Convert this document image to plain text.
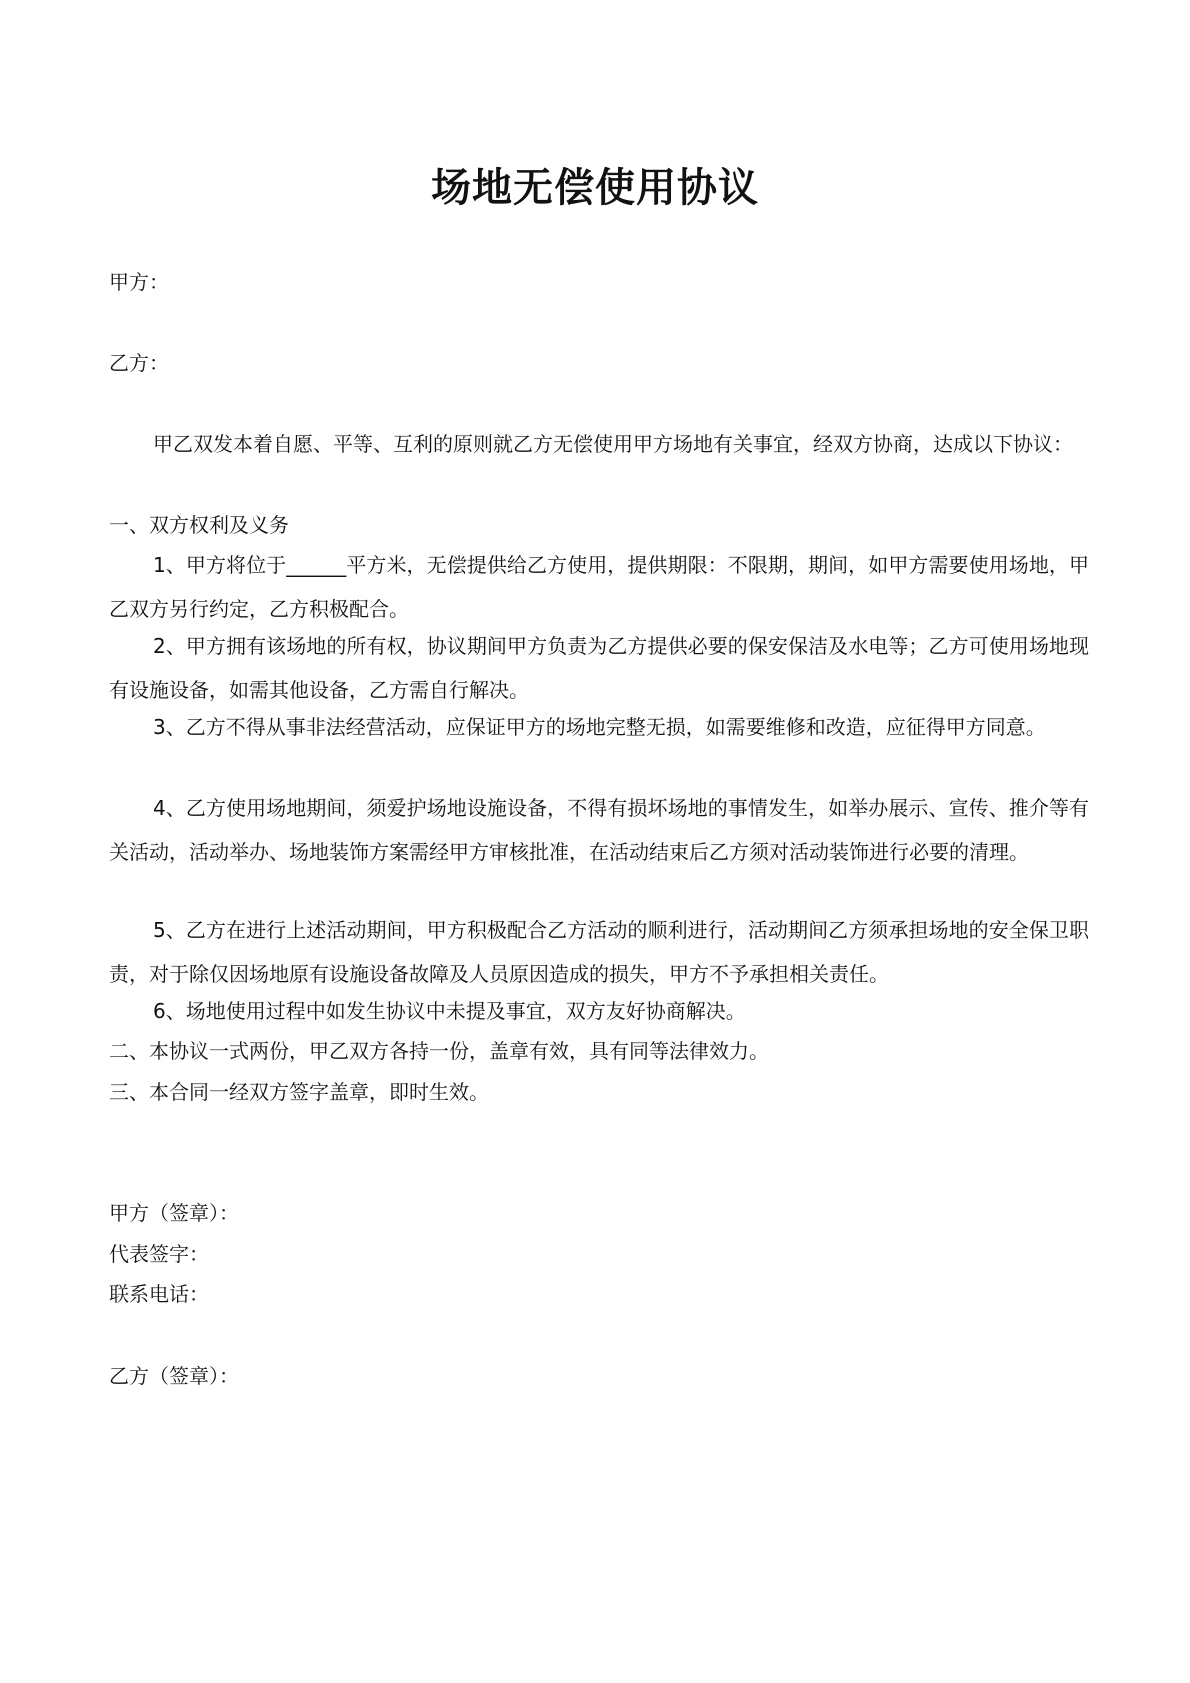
场地无偿使用协议
甲方：
乙方：
甲乙双发本着自愿、平等、互利的原则就乙方无偿使用甲方场地有关事宜，经双方协商，达成以下协议：
一、双方权利及义务
1、甲方将位于______平方米，无偿提供给乙方使用，提供期限：不限期，期间，如甲方需要使用场地，甲乙双方另行约定，乙方积极配合。
2、甲方拥有该场地的所有权，协议期间甲方负责为乙方提供必要的保安保洁及水电等；乙方可使用场地现有设施设备，如需其他设备，乙方需自行解决。
3、乙方不得从事非法经营活动，应保证甲方的场地完整无损，如需要维修和改造，应征得甲方同意。
4、乙方使用场地期间，须爱护场地设施设备，不得有损坏场地的事情发生，如举办展示、宣传、推介等有关活动，活动举办、场地装饰方案需经甲方审核批准，在活动结束后乙方须对活动装饰进行必要的清理。
5、乙方在进行上述活动期间，甲方积极配合乙方活动的顺利进行，活动期间乙方须承担场地的安全保卫职责，对于除仅因场地原有设施设备故障及人员原因造成的损失，甲方不予承担相关责任。
6、场地使用过程中如发生协议中未提及事宜，双方友好协商解决。
二、本协议一式两份，甲乙双方各持一份，盖章有效，具有同等法律效力。
三、本合同一经双方签字盖章，即时生效。
甲方（签章）：
代表签字：
联系电话：
乙方（签章）：
